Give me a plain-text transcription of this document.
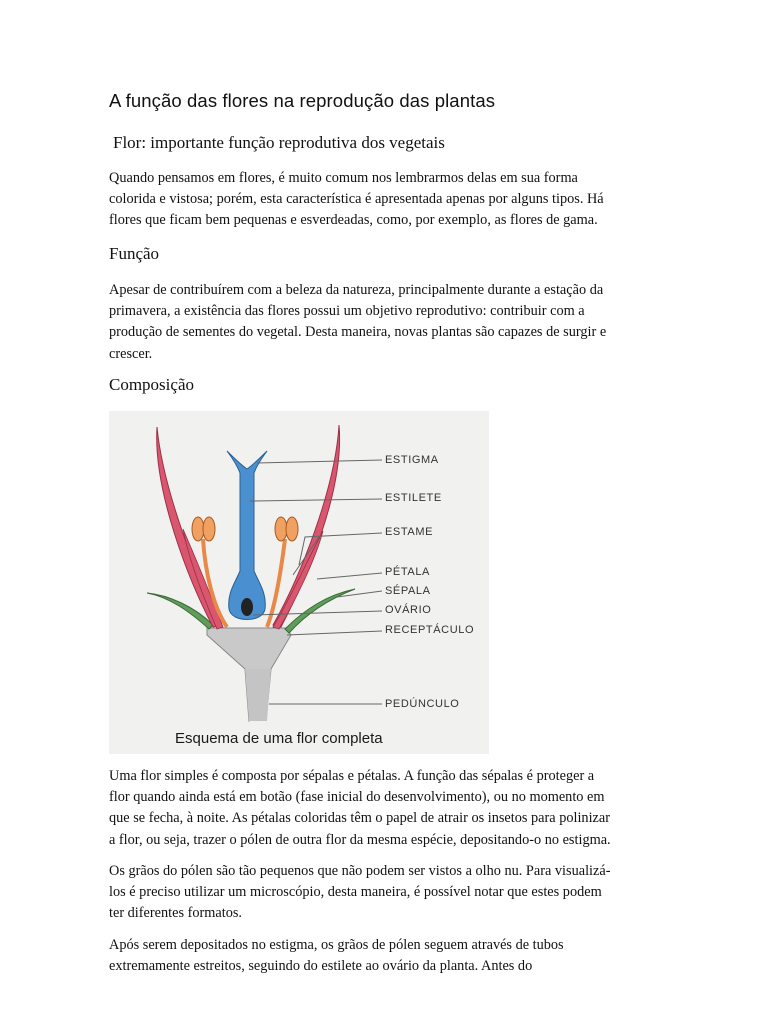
A função das flores na reprodução das plantas

Flor: importante função reprodutiva dos vegetais

Quando pensamos em flores, é muito comum nos lembrarmos delas em sua forma
colorida e vistosa; porém, esta característica é apresentada apenas por alguns tipos. Há
flores que ficam bem pequenas e esverdeadas, como, por exemplo, as flores de gama.

Função

Apesar de contribuírem com a beleza da natureza, principalmente durante a estação da
primavera, a existência das flores possui um objetivo reprodutivo: contribuir com a
produção de sementes do vegetal. Desta maneira, novas plantas são capazes de surgir e
crescer.

Composição
ESTIGMA
ESTILETE
ESTAME
PÉTALA
SÉPALA
OVÁRIO
RECEPTÁCULO
PEDÚNCULO
Esquema de uma flor completa

Uma flor simples é composta por sépalas e pétalas. A função das sépalas é proteger a
flor quando ainda está em botão (fase inicial do desenvolvimento), ou no momento em
que se fecha, à noite. As pétalas coloridas têm o papel de atrair os insetos para polinizar
a flor, ou seja, trazer o pólen de outra flor da mesma espécie, depositando-o no estigma.

Os grãos do pólen são tão pequenos que não podem ser vistos a olho nu. Para visualizá-
los é preciso utilizar um microscópio, desta maneira, é possível notar que estes podem
ter diferentes formatos.

Após serem depositados no estigma, os grãos de pólen seguem através de tubos
extremamente estreitos, seguindo do estilete ao ovário da planta. Antes do
